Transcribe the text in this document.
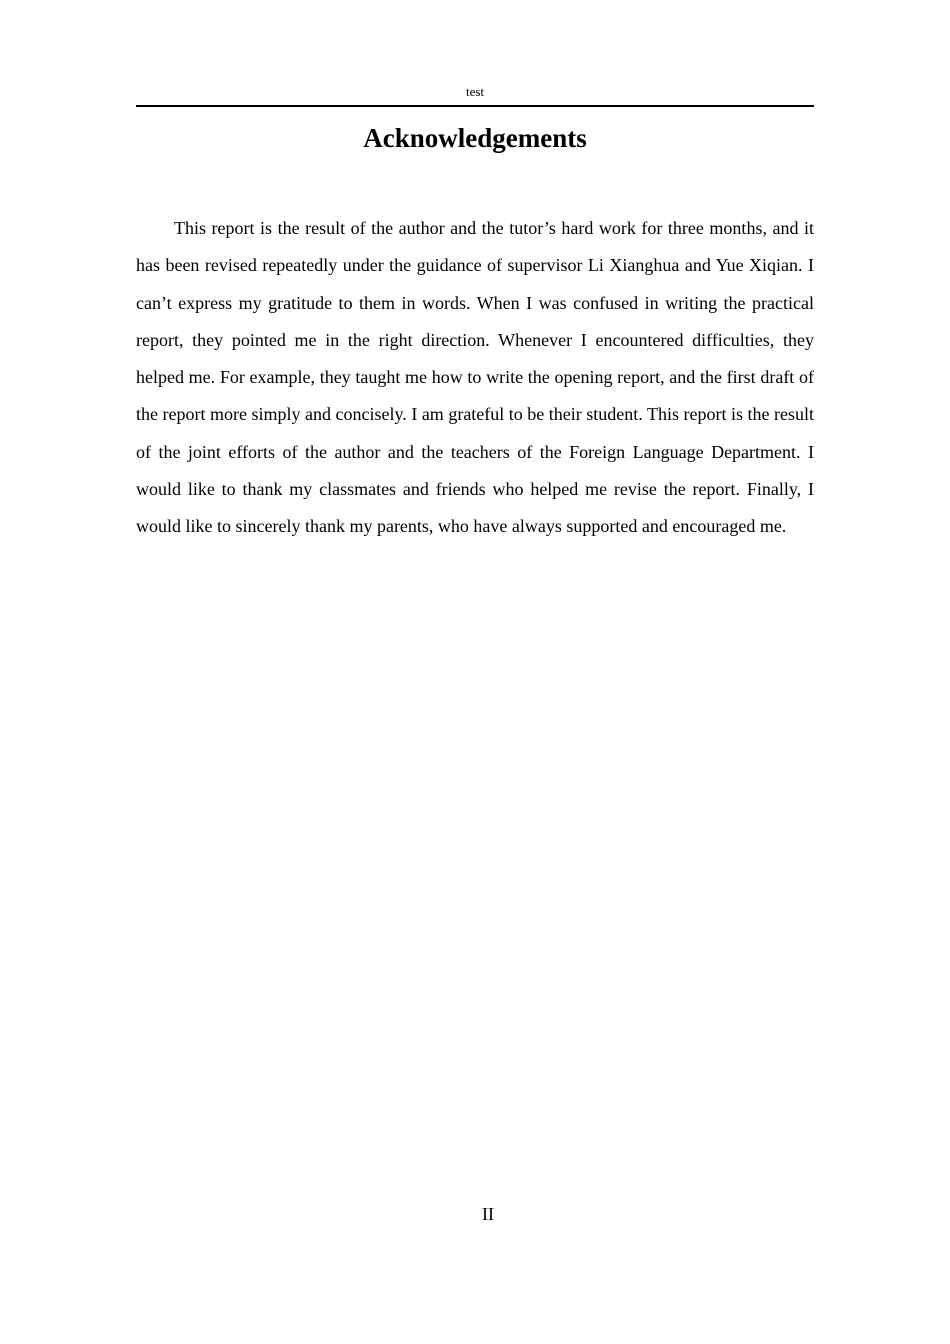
test
Acknowledgements

This report is the result of the author and the tutor’s hard work for three months, and it has been revised repeatedly under the guidance of supervisor Li Xianghua and Yue Xiqian. I can’t express my gratitude to them in words. When I was confused in writing the practical report, they pointed me in the right direction. Whenever I encountered difficulties, they helped me. For example, they taught me how to write the opening report, and the first draft of the report more simply and concisely. I am grateful to be their student. This report is the result of the joint efforts of the author and the teachers of the Foreign Language Department. I would like to thank my classmates and friends who helped me revise the report. Finally, I would like to sincerely thank my parents, who have always supported and encouraged me.

II
